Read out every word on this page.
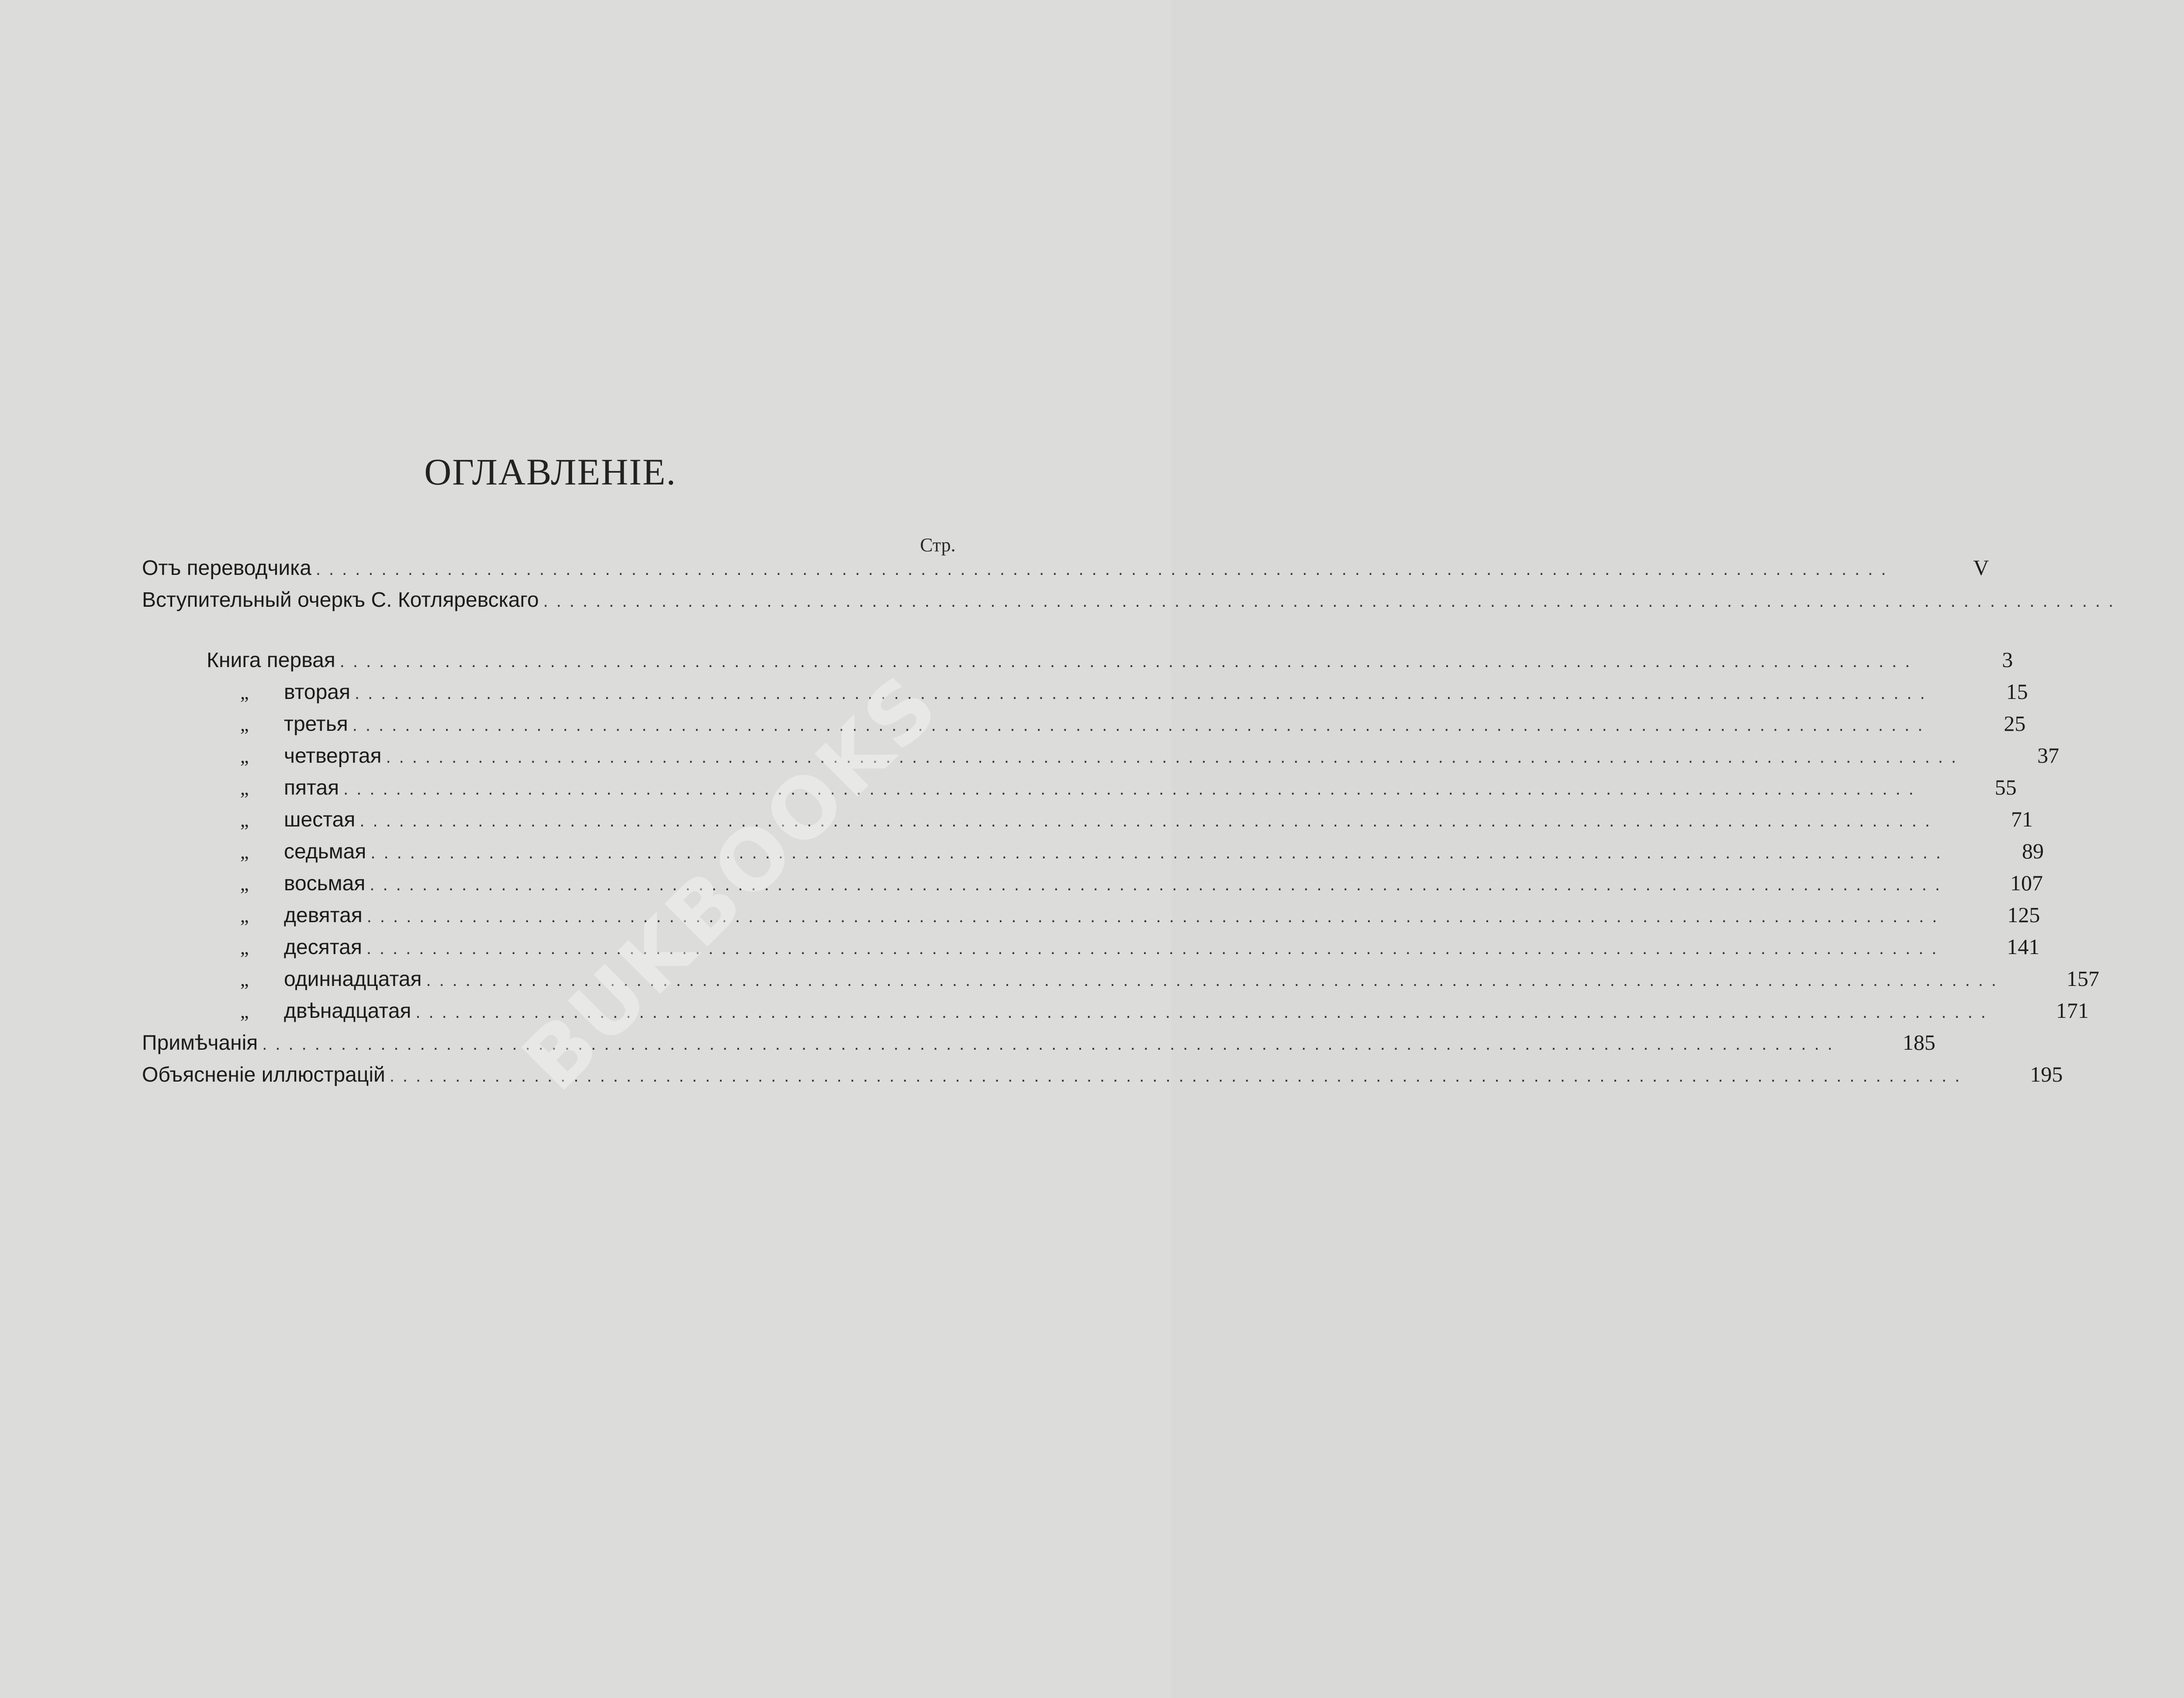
ОГЛАВЛЕНІЕ.
Стр.
Отъ переводчика ........................................................................................................................	V
Вступительный очеркъ С. Котляревскаго ........................................................................................................................
Книга первая ........................................................................................................................	3
„	вторая ........................................................................................................................	15
„	третья ........................................................................................................................	25
„	четвертая ........................................................................................................................	37
„	пятая ........................................................................................................................	55
„	шестая ........................................................................................................................	71
„	седьмая ........................................................................................................................	89
„	восьмая ........................................................................................................................	107
„	девятая ........................................................................................................................	125
„	десятая ........................................................................................................................	141
„	одиннадцатая ........................................................................................................................	157
„	двѣнадцатая ........................................................................................................................	171
Примѣчанія ........................................................................................................................	185
Объясненіе иллюстрацій ........................................................................................................................	195
BUKBOOKS
